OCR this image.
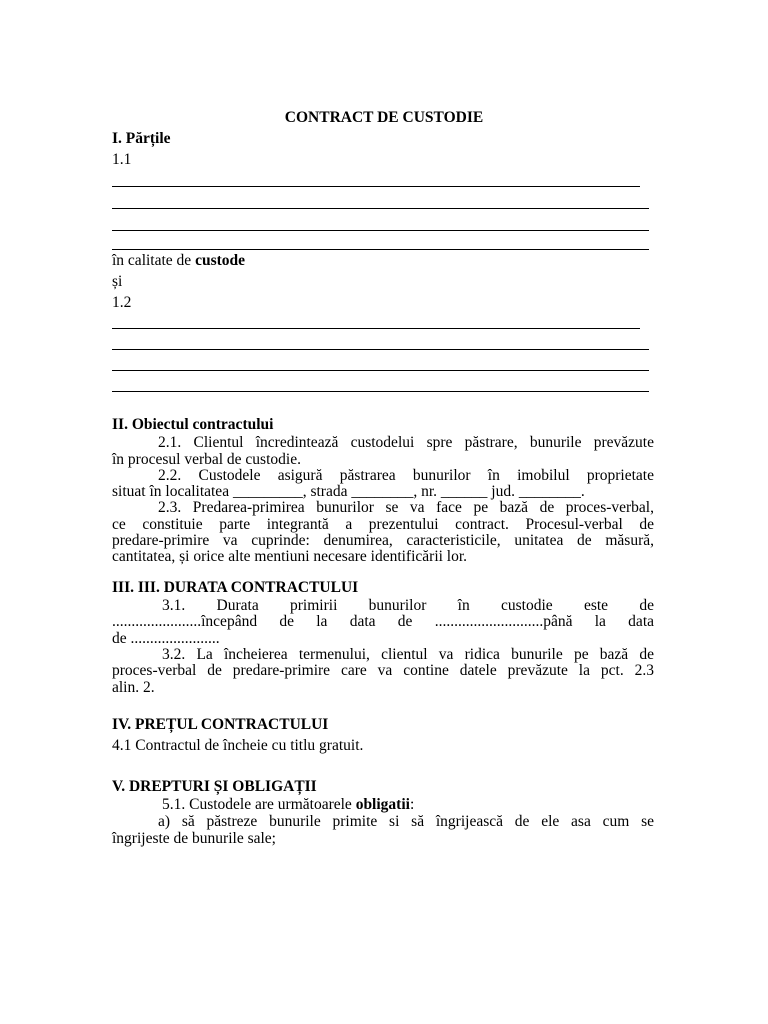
CONTRACT DE CUSTODIE
I. Părțile
1.1
în calitate de custode
și
1.2
II. Obiectul contractului
2.1. Clientul încredintează custodelui spre păstrare, bunurile prevăzute
în procesul verbal de custodie.
2.2. Custodele asigură păstrarea bunurilor în imobilul proprietate
situat în localitatea _________, strada ________, nr. ______ jud. ________.
2.3. Predarea-primirea bunurilor se va face pe bază de proces-verbal,
ce constituie parte integrantă a prezentului contract. Procesul-verbal de
predare-primire va cuprinde: denumirea, caracteristicile, unitatea de măsură,
cantitatea, și orice alte mentiuni necesare identificării lor.
III. III. DURATA CONTRACTULUI
3.1. Durata primirii bunurilor în custodie este de
.......................începând de la data de ............................până la data
de .......................
3.2. La încheierea termenului, clientul va ridica bunurile pe bază de
proces-verbal de predare-primire care va contine datele prevăzute la pct. 2.3
alin. 2.
IV. PREȚUL CONTRACTULUI
4.1 Contractul de încheie cu titlu gratuit.
V. DREPTURI ȘI OBLIGAȚII
5.1. Custodele are următoarele obligatii:
a) să păstreze bunurile primite si să îngrijească de ele asa cum se
îngrijeste de bunurile sale;
